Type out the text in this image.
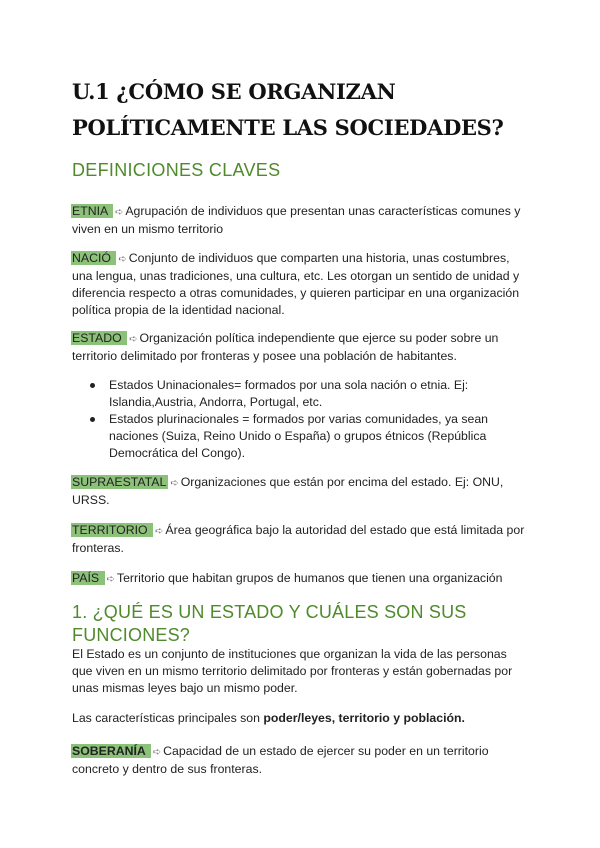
U.1 ¿CÓMO SE ORGANIZAN
POLÍTICAMENTE LAS SOCIEDADES?
DEFINICIONES CLAVES
ETNIA ➪ Agrupación de individuos que presentan unas características comunes y viven en un mismo territorio
NACIÓ ➪ Conjunto de individuos que comparten una historia, unas costumbres, una lengua, unas tradiciones, una cultura, etc. Les otorgan un sentido de unidad y diferencia respecto a otras comunidades, y quieren participar en una organización política propia de la identidad nacional.
ESTADO ➪ Organización política independiente que ejerce su poder sobre un territorio delimitado por fronteras y posee una población de habitantes.
Estados Uninacionales= formados por una sola nación o etnia. Ej: Islandia,Austria, Andorra, Portugal, etc.
Estados plurinacionales = formados por varias comunidades, ya sean naciones (Suiza, Reino Unido o España) o grupos étnicos (República Democrática del Congo).
SUPRAESTATAL ➪ Organizaciones que están por encima del estado. Ej: ONU, URSS.
TERRITORIO ➪ Área geográfica bajo la autoridad del estado que está limitada por fronteras.
PAÍS ➪ Territorio que habitan grupos de humanos que tienen una organización
1. ¿QUÉ ES UN ESTADO Y CUÁLES SON SUS FUNCIONES?
El Estado es un conjunto de instituciones que organizan la vida de las personas que viven en un mismo territorio delimitado por fronteras y están gobernadas por unas mismas leyes bajo un mismo poder.
Las características principales son poder/leyes, territorio y población.
SOBERANÍA ➪ Capacidad de un estado de ejercer su poder en un territorio concreto y dentro de sus fronteras.
